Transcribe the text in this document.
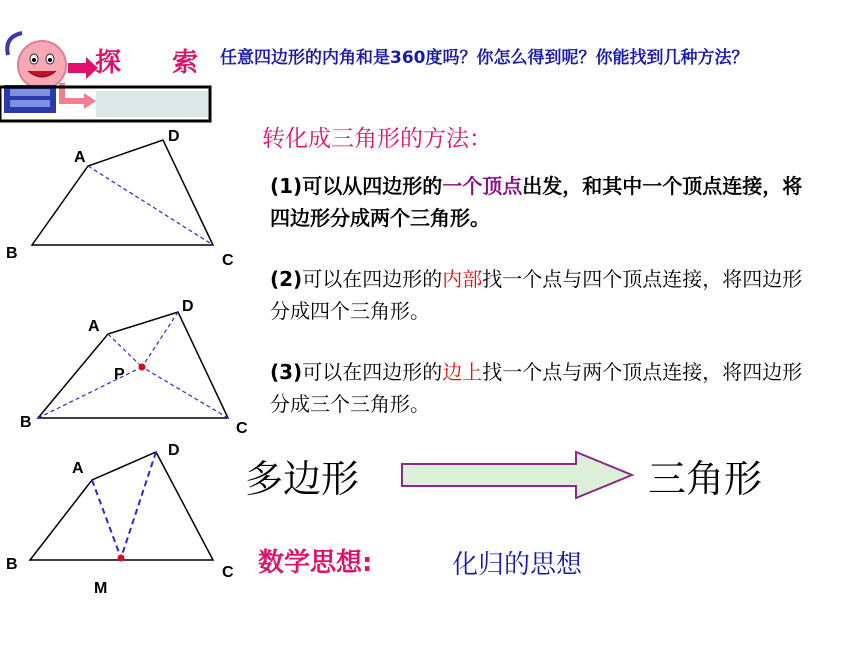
探 索 任意四边形的内角和是360度吗？你怎么得到呢？你能找到几种方法？
转化成三角形的方法：
(1)可以从四边形的一个顶点出发，和其中一个顶点连接，将四边形分成两个三角形。
(2)可以在四边形的内部找一个点与四个顶点连接，将四边形分成四个三角形。
(3)可以在四边形的边上找一个点与两个顶点连接，将四边形分成三个三角形。
多边形	三角形
数学思想:	化归的思想
A
D
B	C
A
D
P
B	C
A
D
B	C
M
